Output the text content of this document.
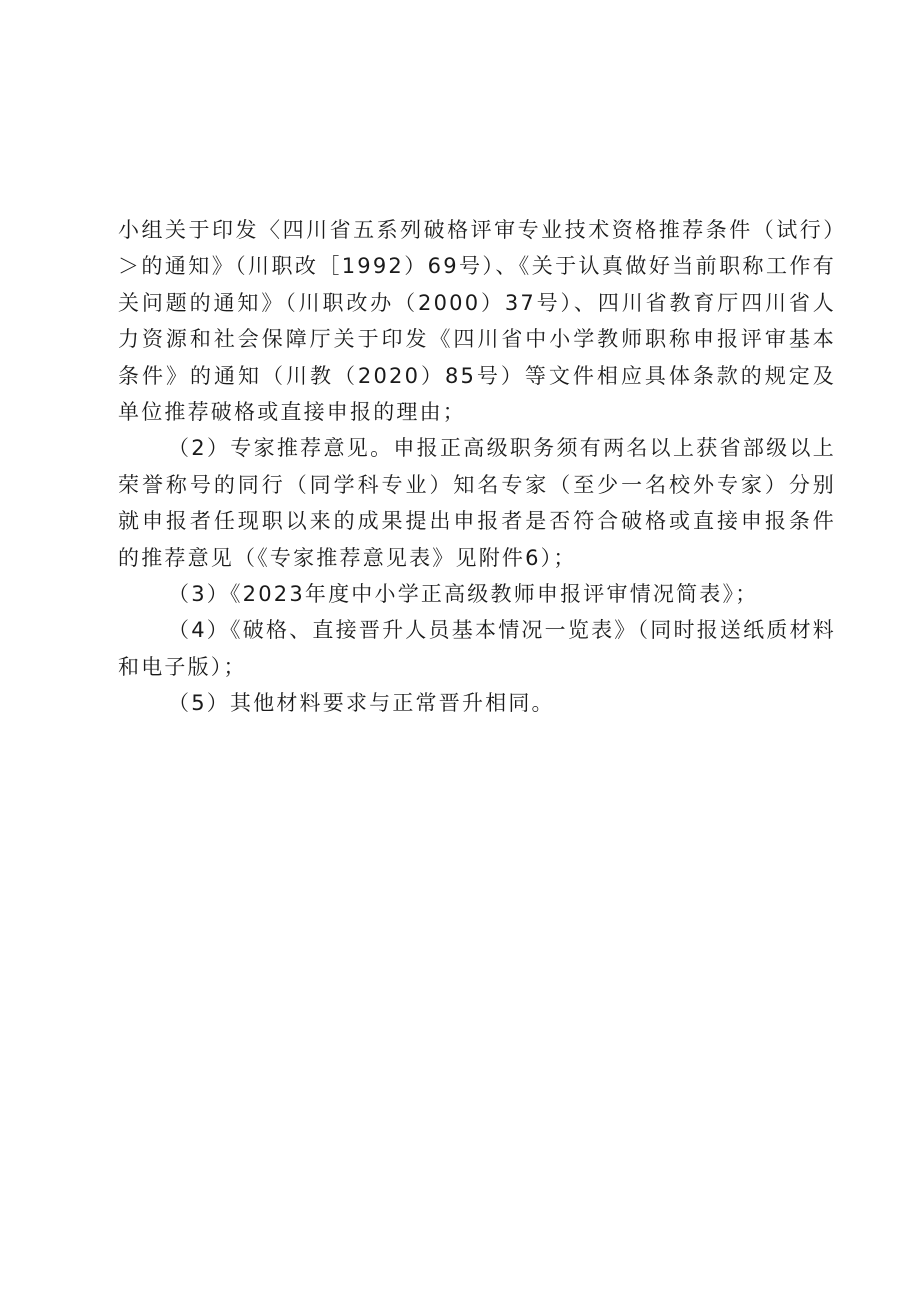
小组关于印发〈四川省五系列破格评审专业技术资格推荐条件（试行）＞的通知》（川职改［1992）69号）、《关于认真做好当前职称工作有关问题的通知》（川职改办（2000）37号）、四川省教育厅四川省人力资源和社会保障厅关于印发《四川省中小学教师职称申报评审基本条件》的通知（川教（2020）85号）等文件相应具体条款的规定及单位推荐破格或直接申报的理由；

（2）专家推荐意见。申报正高级职务须有两名以上获省部级以上荣誉称号的同行（同学科专业）知名专家（至少一名校外专家）分别就申报者任现职以来的成果提出申报者是否符合破格或直接申报条件的推荐意见（《专家推荐意见表》见附件6）；

（3）《2023年度中小学正高级教师申报评审情况简表》；

（4）《破格、直接晋升人员基本情况一览表》（同时报送纸质材料和电子版）；

（5）其他材料要求与正常晋升相同。
